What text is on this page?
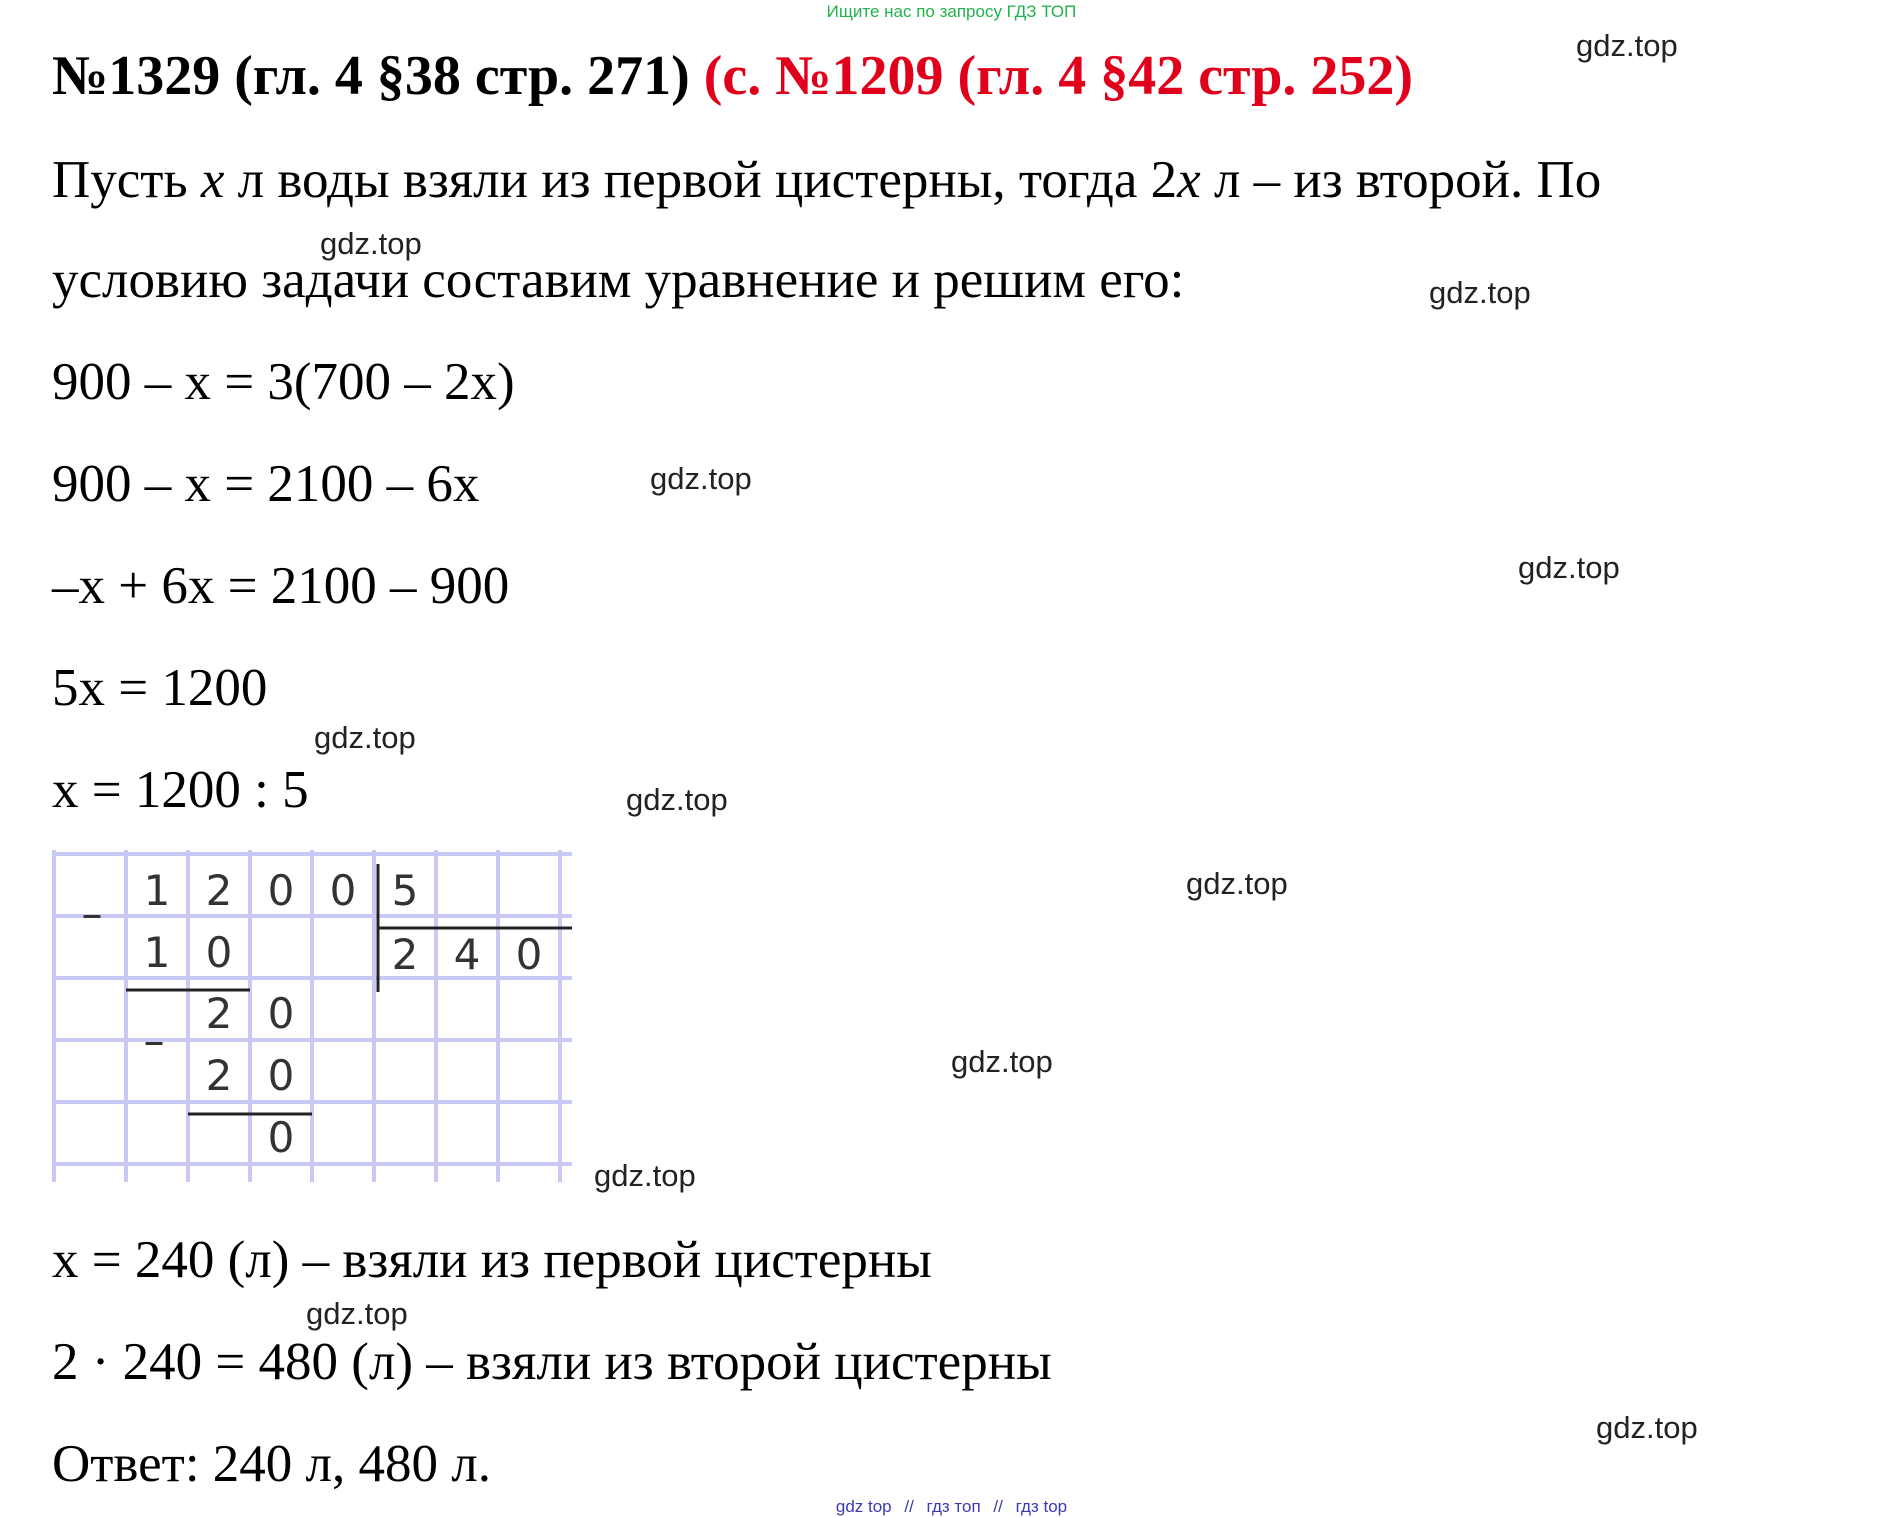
Ищите нас по запросу ГДЗ ТОП
№1329 (гл. 4 §38 стр. 271) (с. №1209 (гл. 4 §42 стр. 252)	gdz.top
Пусть x л воды взяли из первой цистерны, тогда 2x л – из второй. По
gdz.top
условию задачи составим уравнение и решим его:	gdz.top
900 – x = 3(700 – 2x)
900 – x = 2100 – 6x	gdz.top
–x + 6x = 2100 – 900	gdz.top
5x = 1200
gdz.top
x = 1200 : 5	gdz.top
– 1 2 0 0 5
1 0	2 4 0
2 0
–
2 0
0
gdz.top
gdz.top
gdz.top
x = 240 (л) – взяли из первой цистерны
gdz.top
2 · 240 = 480 (л) – взяли из второй цистерны
gdz.top
Ответ: 240 л, 480 л.
gdz top // гдз топ // гдз top
